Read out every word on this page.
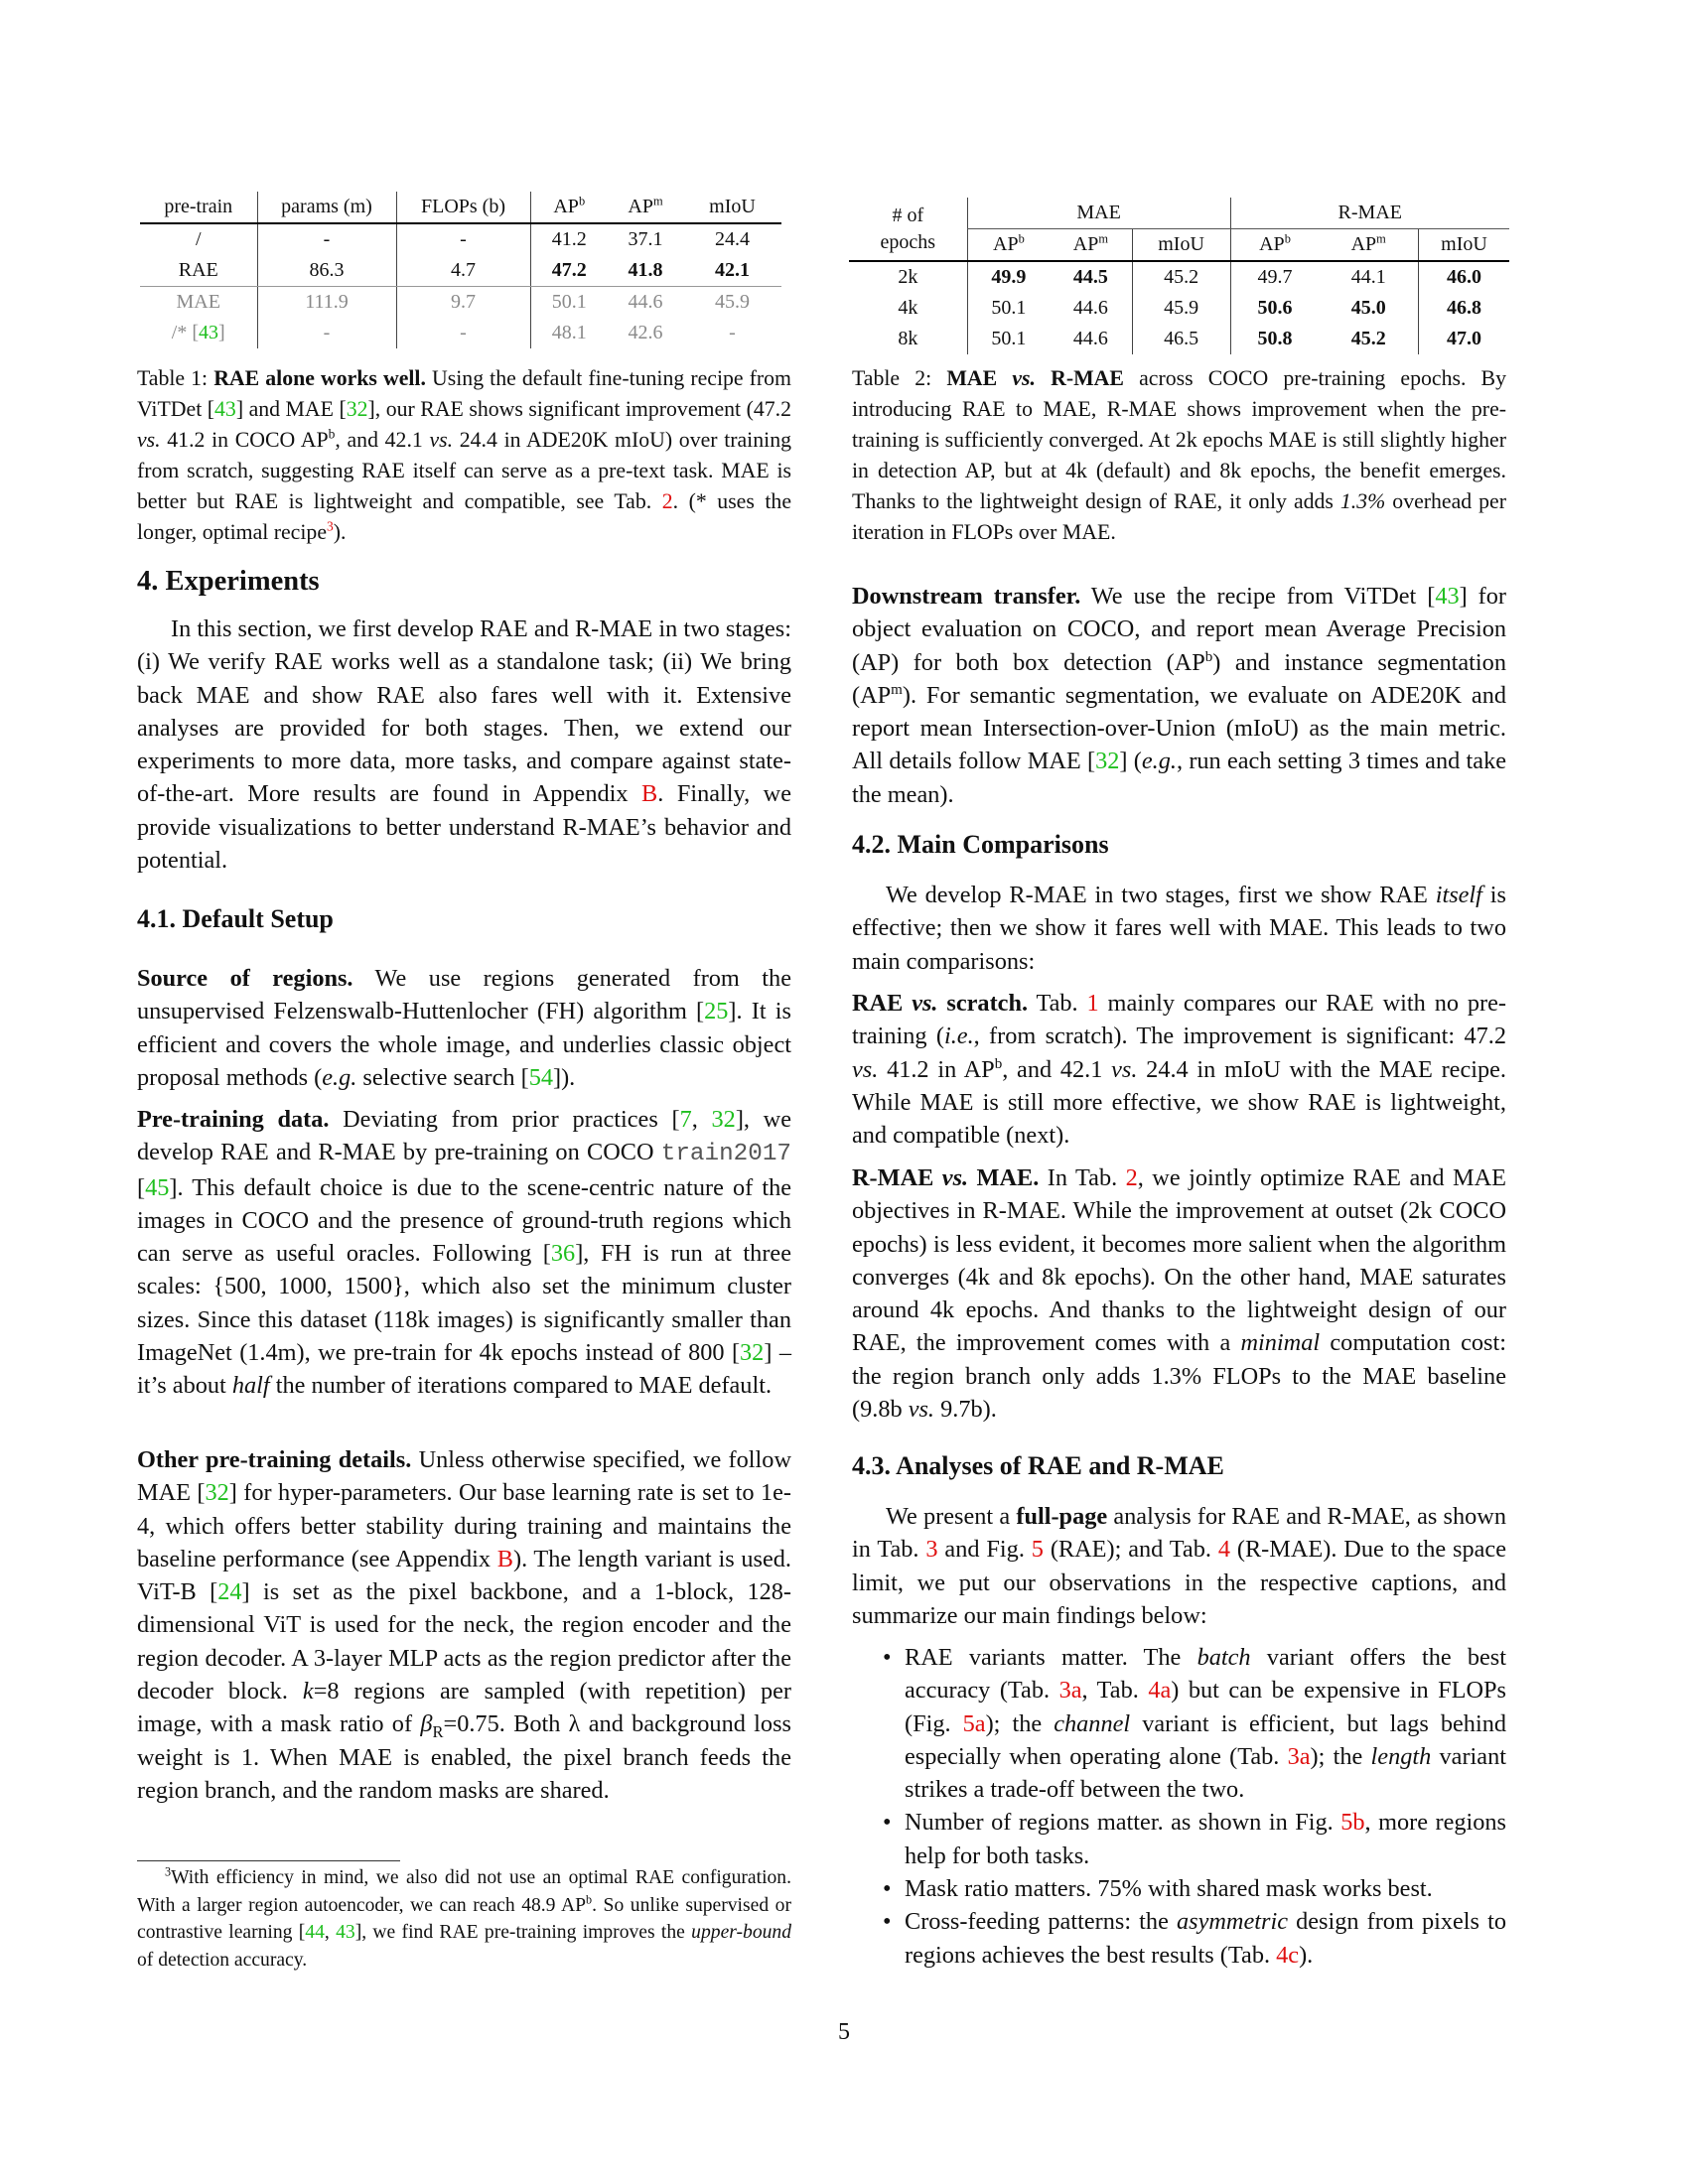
pre-train	params (m)	FLOPs (b)	$AP^b$	$AP^m$	mIoU
/	-	-	41.2	37.1	24.4
RAE	86.3	4.7	47.2	41.8	42.1
MAE	111.9	9.7	50.1	44.6	45.9
/* [43]	-	-	48.1	42.6	-
Table 1: RAE alone works well. Using the default fine-tuning recipe from ViTDet [43] and MAE [32], our RAE shows significant improvement (47.2 vs. 41.2 in COCO $AP^b$, and 42.1 vs. 24.4 in ADE20K mIoU) over training from scratch, suggesting RAE itself can serve as a pre-text task. MAE is better but RAE is lightweight and compatible, see Tab. 2. (* uses the longer, optimal recipe$^3$).
4. Experiments
In this section, we first develop RAE and R-MAE in two stages: (i) We verify RAE works well as a standalone task; (ii) We bring back MAE and show RAE also fares well with it. Extensive analyses are provided for both stages. Then, we extend our experiments to more data, more tasks, and compare against state-of-the-art. More results are found in Appendix B. Finally, we provide visualizations to better understand R-MAE’s behavior and potential.
4.1. Default Setup
Source of regions. We use regions generated from the unsupervised Felzenswalb-Huttenlocher (FH) algorithm [25]. It is efficient and covers the whole image, and underlies classic object proposal methods (e.g. selective search [54]).
Pre-training data. Deviating from prior practices [7, 32], we develop RAE and R-MAE by pre-training on COCO train2017 [45]. This default choice is due to the scene-centric nature of the images in COCO and the presence of ground-truth regions which can serve as useful oracles. Following [36], FH is run at three scales: {500, 1000, 1500}, which also set the minimum cluster sizes. Since this dataset (118k images) is significantly smaller than ImageNet (1.4m), we pre-train for 4k epochs instead of 800 [32] – it’s about half the number of iterations compared to MAE default.
Other pre-training details. Unless otherwise specified, we follow MAE [32] for hyper-parameters. Our base learning rate is set to 1e-4, which offers better stability during training and maintains the baseline performance (see Appendix B). The length variant is used. ViT-B [24] is set as the pixel backbone, and a 1-block, 128-dimensional ViT is used for the neck, the region encoder and the region decoder. A 3-layer MLP acts as the region predictor after the decoder block. k=8 regions are sampled (with repetition) per image, with a mask ratio of $\beta_R=0.75$. Both λ and background loss weight is 1. When MAE is enabled, the pixel branch feeds the region branch, and the random masks are shared.
$^3$With efficiency in mind, we also did not use an optimal RAE configuration. With a larger region autoencoder, we can reach 48.9 $AP^b$. So unlike supervised or contrastive learning [44, 43], we find RAE pre-training improves the upper-bound of detection accuracy.
# of
epochs	MAE			R-MAE		
	$AP^b$	$AP^m$	mIoU	$AP^b$	$AP^m$	mIoU
2k	49.9	44.5	45.2	49.7	44.1	46.0
4k	50.1	44.6	45.9	50.6	45.0	46.8
8k	50.1	44.6	46.5	50.8	45.2	47.0
Table 2: MAE vs. R-MAE across COCO pre-training epochs. By introducing RAE to MAE, R-MAE shows improvement when the pre-training is sufficiently converged. At 2k epochs MAE is still slightly higher in detection AP, but at 4k (default) and 8k epochs, the benefit emerges. Thanks to the lightweight design of RAE, it only adds 1.3% overhead per iteration in FLOPs over MAE.
Downstream transfer. We use the recipe from ViTDet [43] for object evaluation on COCO, and report mean Average Precision (AP) for both box detection $(AP^b)$ and instance segmentation $(AP^m)$. For semantic segmentation, we evaluate on ADE20K and report mean Intersection-over-Union (mIoU) as the main metric. All details follow MAE [32] (e.g., run each setting 3 times and take the mean).
4.2. Main Comparisons
We develop R-MAE in two stages, first we show RAE itself is effective; then we show it fares well with MAE. This leads to two main comparisons:
RAE vs. scratch. Tab. 1 mainly compares our RAE with no pre-training (i.e., from scratch). The improvement is significant: 47.2 vs. 41.2 in $AP^b$, and 42.1 vs. 24.4 in mIoU with the MAE recipe. While MAE is still more effective, we show RAE is lightweight, and compatible (next).
R-MAE vs. MAE. In Tab. 2, we jointly optimize RAE and MAE objectives in R-MAE. While the improvement at outset (2k COCO epochs) is less evident, it becomes more salient when the algorithm converges (4k and 8k epochs). On the other hand, MAE saturates around 4k epochs. And thanks to the lightweight design of our RAE, the improvement comes with a minimal computation cost: the region branch only adds 1.3% FLOPs to the MAE baseline (9.8b vs. 9.7b).
4.3. Analyses of RAE and R-MAE
We present a full-page analysis for RAE and R-MAE, as shown in Tab. 3 and Fig. 5 (RAE); and Tab. 4 (R-MAE). Due to the space limit, we put our observations in the respective captions, and summarize our main findings below:
• RAE variants matter. The batch variant offers the best accuracy (Tab. 3a, Tab. 4a) but can be expensive in FLOPs (Fig. 5a); the channel variant is efficient, but lags behind especially when operating alone (Tab. 3a); the length variant strikes a trade-off between the two.
• Number of regions matter. as shown in Fig. 5b, more regions help for both tasks.
• Mask ratio matters. 75% with shared mask works best.
• Cross-feeding patterns: the asymmetric design from pixels to regions achieves the best results (Tab. 4c).
5
